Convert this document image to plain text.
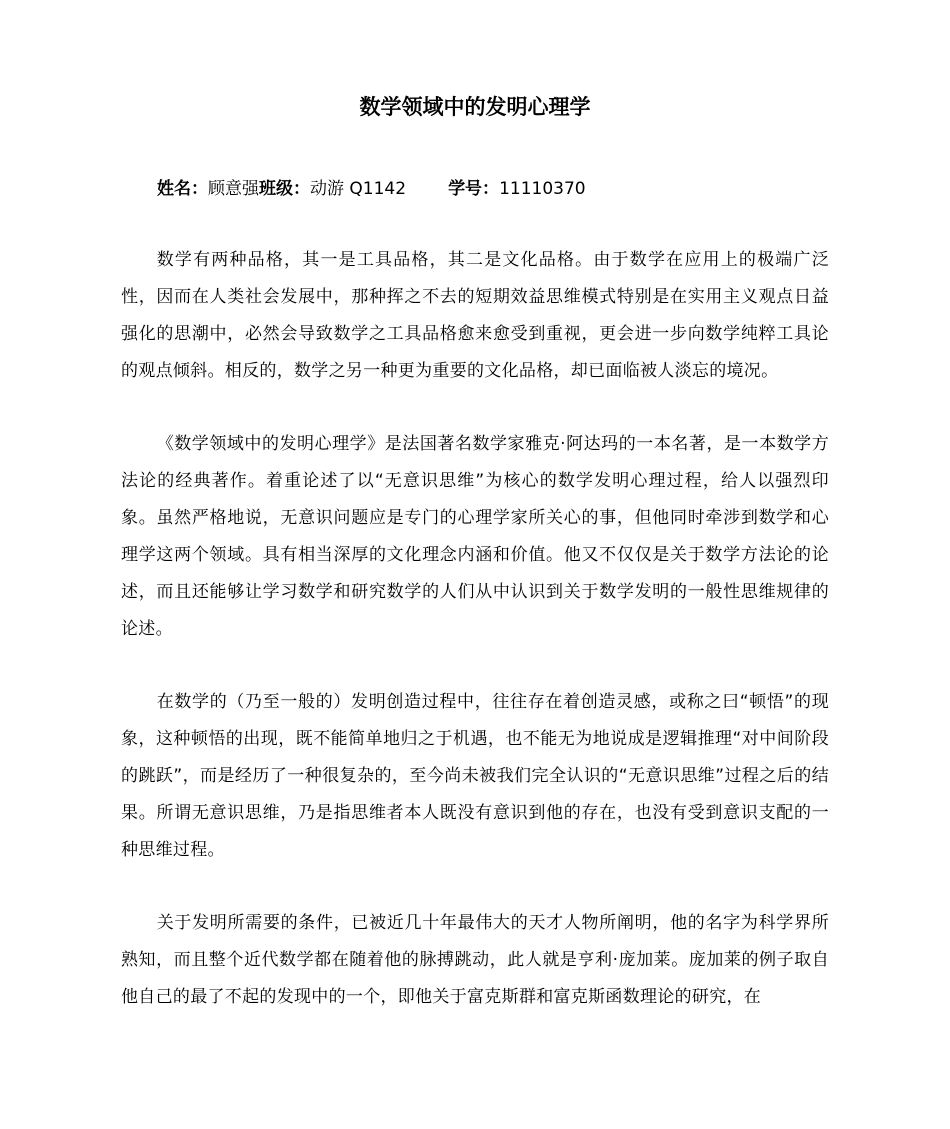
数学领域中的发明心理学
姓名：顾意强班级：动游 Q1142 学号：11110370

数学有两种品格，其一是工具品格，其二是文化品格。由于数学在应用上的极端广泛性，因而在人类社会发展中，那种挥之不去的短期效益思维模式特别是在实用主义观点日益强化的思潮中，必然会导致数学之工具品格愈来愈受到重视，更会进一步向数学纯粹工具论的观点倾斜。相反的，数学之另一种更为重要的文化品格，却已面临被人淡忘的境况。

《数学领域中的发明心理学》是法国著名数学家雅克·阿达玛的一本名著，是一本数学方法论的经典著作。着重论述了以“无意识思维”为核心的数学发明心理过程，给人以强烈印象。虽然严格地说，无意识问题应是专门的心理学家所关心的事，但他同时牵涉到数学和心理学这两个领域。具有相当深厚的文化理念内涵和价值。他又不仅仅是关于数学方法论的论述，而且还能够让学习数学和研究数学的人们从中认识到关于数学发明的一般性思维规律的论述。

在数学的（乃至一般的）发明创造过程中，往往存在着创造灵感，或称之曰“顿悟”的现象，这种顿悟的出现，既不能简单地归之于机遇，也不能无为地说成是逻辑推理“对中间阶段的跳跃”，而是经历了一种很复杂的，至今尚未被我们完全认识的“无意识思维”过程之后的结果。所谓无意识思维，乃是指思维者本人既没有意识到他的存在，也没有受到意识支配的一种思维过程。

关于发明所需要的条件，已被近几十年最伟大的天才人物所阐明，他的名字为科学界所熟知，而且整个近代数学都在随着他的脉搏跳动，此人就是亨利·庞加莱。庞加莱的例子取自他自己的最了不起的发现中的一个，即他关于富克斯群和富克斯函数理论的研究，在
